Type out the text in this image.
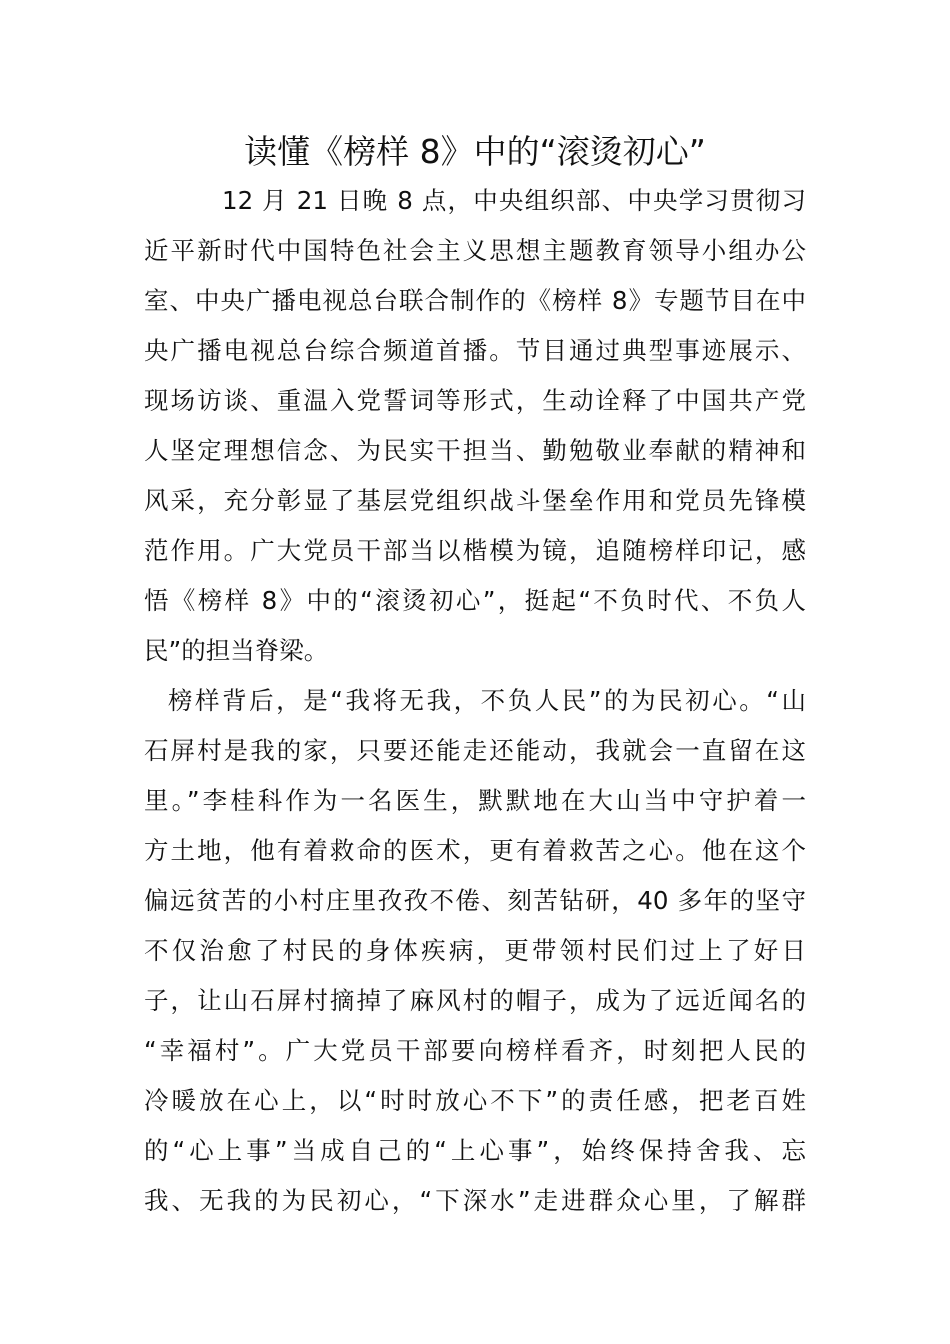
读懂《榜样 8》中的“滚烫初心”
12 月 21 日晚 8 点，中央组织部、中央学习贯彻习
近平新时代中国特色社会主义思想主题教育领导小组办公
室、中央广播电视总台联合制作的《榜样 8》专题节目在中
央广播电视总台综合频道首播。节目通过典型事迹展示、
现场访谈、重温入党誓词等形式，生动诠释了中国共产党
人坚定理想信念、为民实干担当、勤勉敬业奉献的精神和
风采，充分彰显了基层党组织战斗堡垒作用和党员先锋模
范作用。广大党员干部当以楷模为镜，追随榜样印记，感
悟《榜样 8》中的“滚烫初心”，挺起“不负时代、不负人
民”的担当脊梁。
榜样背后，是“我将无我，不负人民”的为民初心。“山
石屏村是我的家，只要还能走还能动，我就会一直留在这
里。”李桂科作为一名医生，默默地在大山当中守护着一
方土地，他有着救命的医术，更有着救苦之心。他在这个
偏远贫苦的小村庄里孜孜不倦、刻苦钻研，40 多年的坚守
不仅治愈了村民的身体疾病，更带领村民们过上了好日
子，让山石屏村摘掉了麻风村的帽子，成为了远近闻名的
“幸福村”。广大党员干部要向榜样看齐，时刻把人民的
冷暖放在心上，以“时时放心不下”的责任感，把老百姓
的“心上事”当成自己的“上心事”，始终保持舍我、忘
我、无我的为民初心，“下深水”走进群众心里，了解群
